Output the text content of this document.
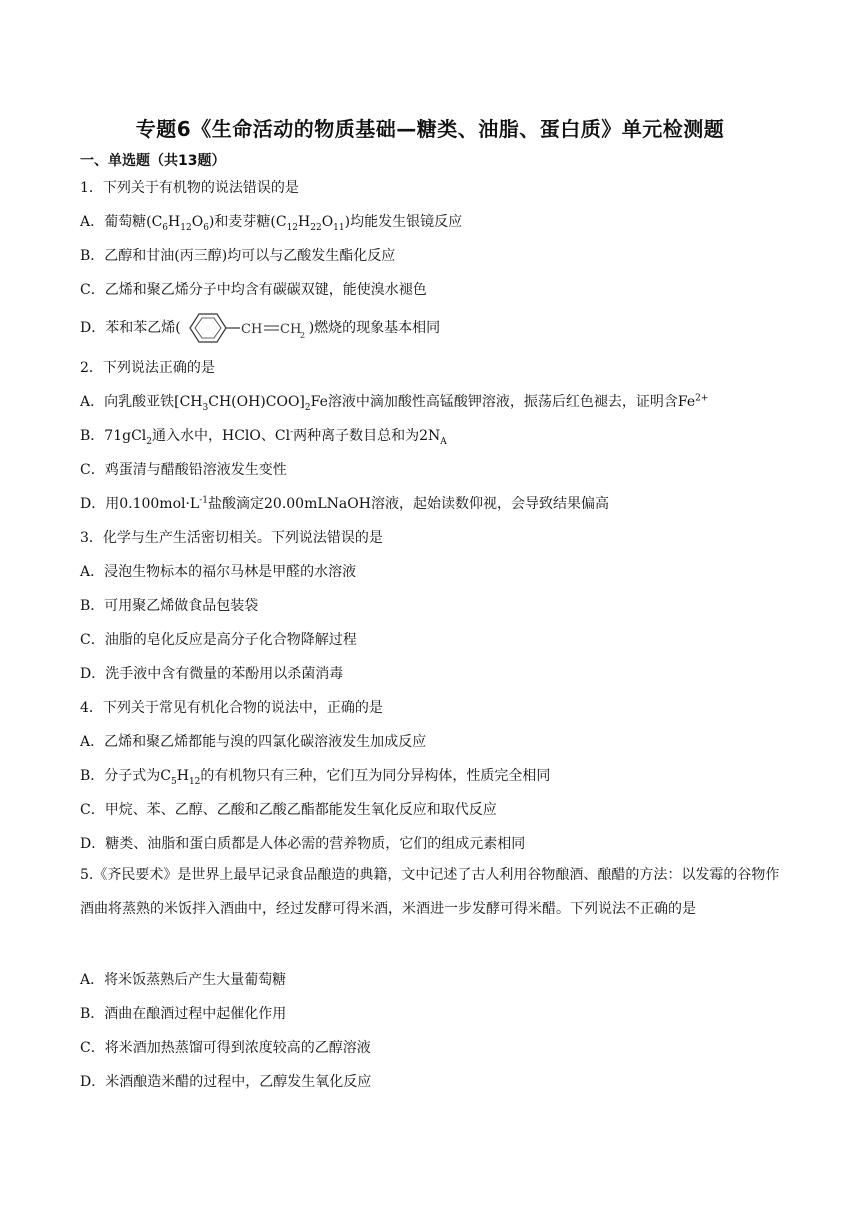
专题6《生命活动的物质基础—糖类、油脂、蛋白质》单元检测题
一、单选题（共13题）
1．下列关于有机物的说法错误的是
A．葡萄糖$(C_6H_{12}O_6)$和麦芽糖$(C_{12}H_{22}O_{11})$均能发生银镜反应
B．乙醇和甘油(丙三醇)均可以与乙酸发生酯化反应
C．乙烯和聚乙烯分子中均含有碳碳双键，能使溴水褪色
D．苯和苯乙烯(	CH CH
2 )燃烧的现象基本相同
2．下列说法正确的是
A．向乳酸亚铁$[CH_3CH(OH)COO]_2Fe$溶液中滴加酸性高锰酸钾溶液，振荡后红色褪去，证明含$Fe^{2+}$
B．71gCl$_2$通入水中，HClO、Cl-两种离子数目总和为$2N_A$
C．鸡蛋清与醋酸铅溶液发生变性
D．用$0.100mol\cdot L^{-1}$盐酸滴定20.00mLNaOH溶液，起始读数仰视，会导致结果偏高
3．化学与生产生活密切相关。下列说法错误的是
A．浸泡生物标本的福尔马林是甲醛的水溶液
B．可用聚乙烯做食品包装袋
C．油脂的皂化反应是高分子化合物降解过程
D．洗手液中含有微量的苯酚用以杀菌消毒
4．下列关于常见有机化合物的说法中，正确的是
A．乙烯和聚乙烯都能与溴的四氯化碳溶液发生加成反应
B．分子式为$C_5H_{12}$的有机物只有三种，它们互为同分异构体，性质完全相同
C．甲烷、苯、乙醇、乙酸和乙酸乙酯都能发生氧化反应和取代反应
D．糖类、油脂和蛋白质都是人体必需的营养物质，它们的组成元素相同
5.《齐民要术》是世界上最早记录食品酿造的典籍，文中记述了古人利用谷物酿酒、酿醋的方法：以发霉的谷物作酒曲将蒸熟的米饭拌入酒曲中，经过发酵可得米酒，米酒进一步发酵可得米醋。下列说法不正确的是
A．将米饭蒸熟后产生大量葡萄糖
B．酒曲在酿酒过程中起催化作用
C．将米酒加热蒸馏可得到浓度较高的乙醇溶液
D．米酒酿造米醋的过程中，乙醇发生氧化反应
